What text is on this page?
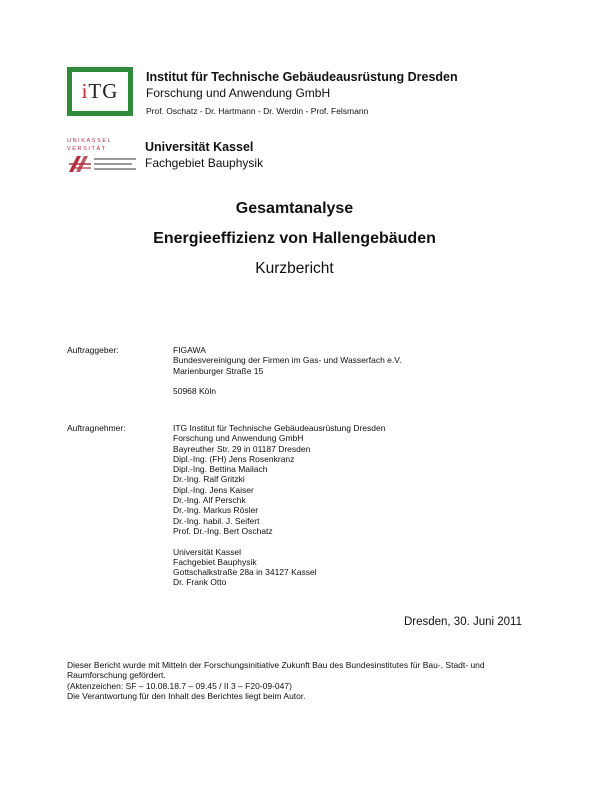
i TG
Institut für Technische Gebäudeausrüstung Dresden
Forschung und Anwendung GmbH
Prof. Oschatz - Dr. Hartmann - Dr. Werdin - Prof. Felsmann
UNIKASSEL
VERSITÄT	Universität Kassel
Fachgebiet Bauphysik
Gesamtanalyse
Energieeffizienz von Hallengebäuden
Kurzbericht
Auftraggeber:	FIGAWA
Bundesvereinigung der Firmen im Gas- und Wasserfach e.V.
Marienburger Straße 15
50968 Köln
Auftragnehmer:	ITG Institut für Technische Gebäudeausrüstung Dresden
Forschung und Anwendung GmbH
Bayreuther Str. 29 in 01187 Dresden
Dipl.-Ing. (FH) Jens Rosenkranz
Dipl.-Ing. Bettina Mailach
Dr.-Ing. Ralf Gritzki
Dipl.-Ing. Jens Kaiser
Dr.-Ing. Alf Perschk
Dr.-Ing. Markus Rösler
Dr.-Ing. habil. J. Seifert
Prof. Dr.-Ing. Bert Oschatz
Universität Kassel
Fachgebiet Bauphysik
Gottschalkstraße 28a in 34127 Kassel
Dr. Frank Otto
Dresden, 30. Juni 2011
Dieser Bericht wurde mit Mitteln der Forschungsinitiative Zukunft Bau des Bundesinstitutes für Bau-, Stadt- und
Raumforschung gefördert.
(Aktenzeichen: SF – 10.08.18.7 – 09.45 / II 3 – F20-09-047)
Die Verantwortung für den Inhalt des Berichtes liegt beim Autor.
